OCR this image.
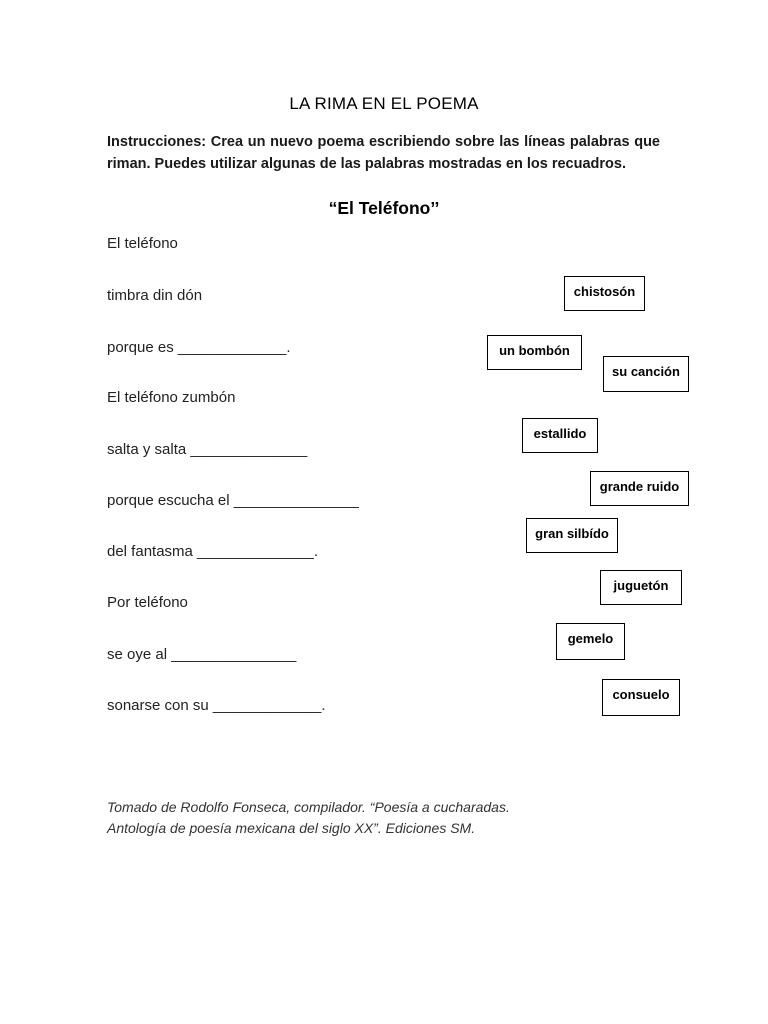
LA RIMA EN EL POEMA
Instrucciones: Crea un nuevo poema escribiendo sobre las líneas palabras que riman. Puedes utilizar algunas de las palabras mostradas en los recuadros.
“El Teléfono’’
El teléfono
timbra din dón
porque es _____________.
El teléfono zumbón
salta y salta ______________
porque escucha el _______________
del fantasma ______________.
Por teléfono
se oye al _______________
sonarse con su _____________.
chistosón
un bombón
su canción
estallido
grande ruido
gran silbído
juguetón
gemelo
consuelo
Tomado de Rodolfo Fonseca, compilador. “Poesía a cucharadas.
Antología de poesía mexicana del siglo XX”. Ediciones SM.
